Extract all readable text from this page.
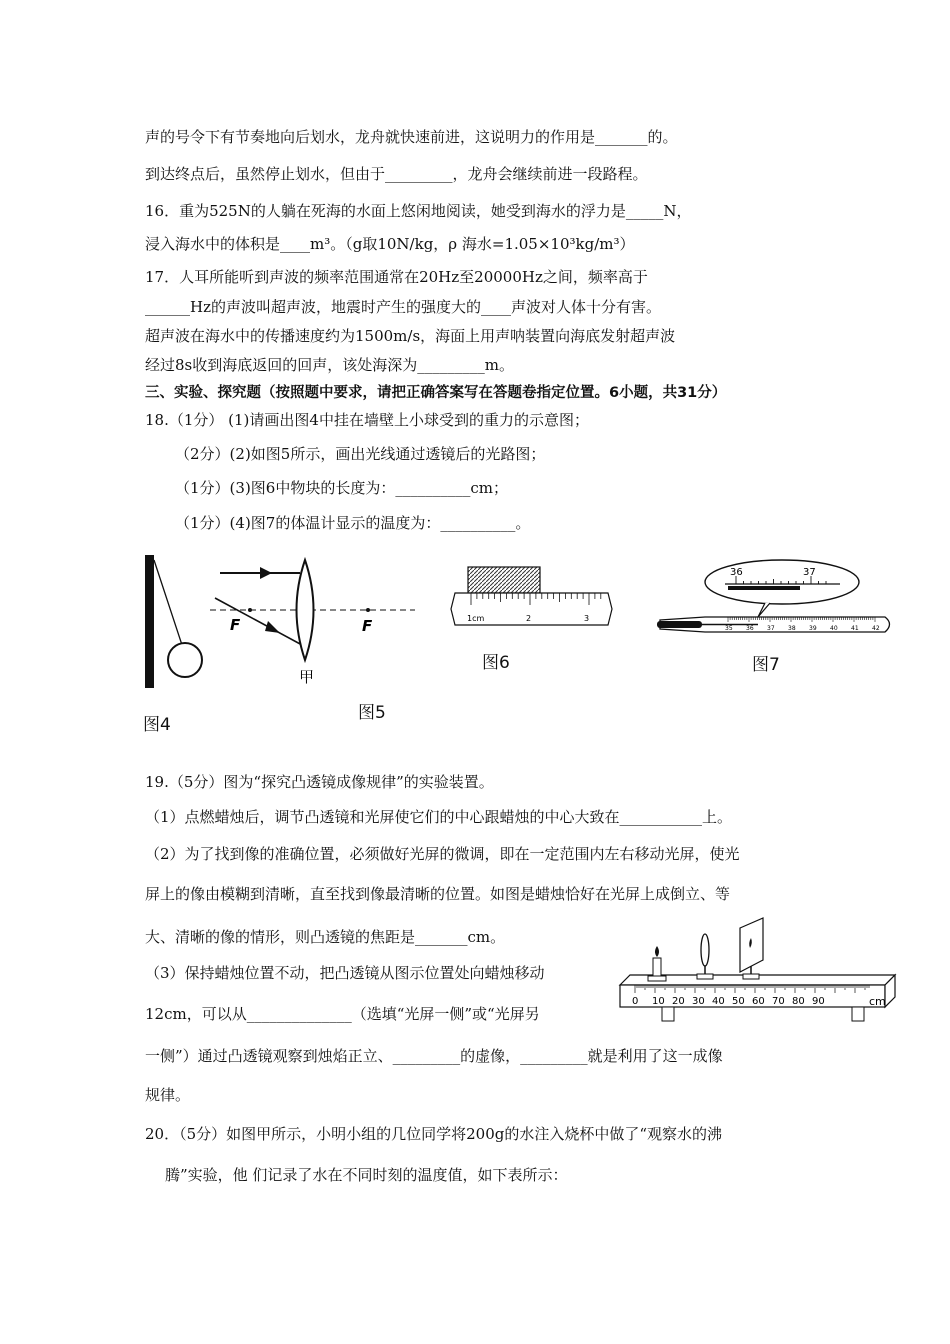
声的号令下有节奏地向后划水，龙舟就快速前进，这说明力的作用是_______的。
到达终点后，虽然停止划水，但由于_________，龙舟会继续前进一段路程。
16．重为525N的人躺在死海的水面上悠闲地阅读，她受到海水的浮力是_____N，
浸入海水中的体积是____m³。（g取10N/kg，ρ 海水=1.05×10³kg/m³）
17．人耳所能听到声波的频率范围通常在20Hz至20000Hz之间，频率高于
______Hz的声波叫超声波，地震时产生的强度大的____声波对人体十分有害。
超声波在海水中的传播速度约为1500m/s，海面上用声呐装置向海底发射超声波
经过8s收到海底返回的回声，该处海深为_________m。
三、实验、探究题（按照题中要求，请把正确答案写在答题卷指定位置。6小题，共31分）
18.（1分） (1)请画出图4中挂在墙壁上小球受到的重力的示意图；
（2分）(2)如图5所示，画出光线通过透镜后的光路图；
（1分）(3)图6中物块的长度为：__________cm；
（1分）(4)图7的体温计显示的温度为：__________。
图4
F	F
甲
图5
1cm	2	3
图6
36	37
35 36 37 38 39 40 41 42
图7
19.（5分）图为“探究凸透镜成像规律”的实验装置。
（1）点燃蜡烛后，调节凸透镜和光屏使它们的中心跟蜡烛的中心大致在___________上。
（2）为了找到像的准确位置，必须做好光屏的微调，即在一定范围内左右移动光屏，使光
屏上的像由模糊到清晰，直至找到像最清晰的位置。如图是蜡烛恰好在光屏上成倒立、等
大、清晰的像的情形，则凸透镜的焦距是_______cm。
（3）保持蜡烛位置不动，把凸透镜从图示位置处向蜡烛移动
12cm，可以从______________（选填“光屏一侧”或“光屏另
一侧”）通过凸透镜观察到烛焰正立、_________的虚像，_________就是利用了这一成像
规律。
0 10 20 30 40 50 60 70 80 90	cm
20．（5分）如图甲所示，小明小组的几位同学将200g的水注入烧杯中做了“观察水的沸
腾”实验，他 们记录了水在不同时刻的温度值，如下表所示：
